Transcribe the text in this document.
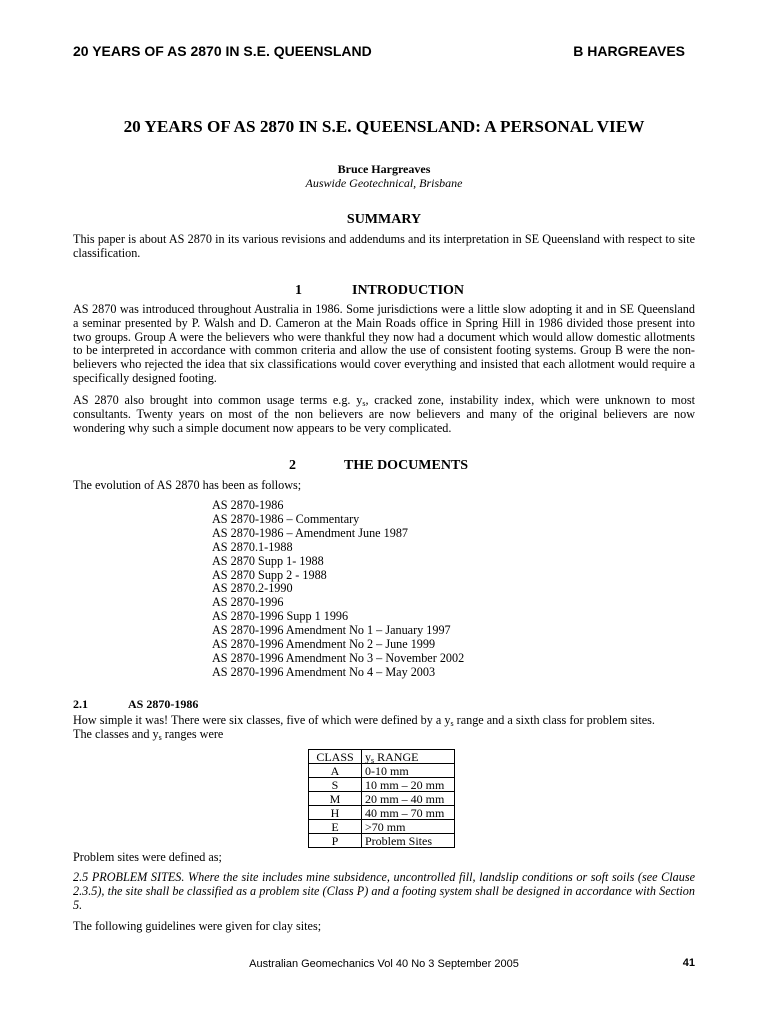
20 YEARS OF AS 2870 IN S.E. QUEENSLAND	B HARGREAVES
20 YEARS OF AS 2870 IN S.E. QUEENSLAND: A PERSONAL VIEW
Bruce Hargreaves
Auswide Geotechnical, Brisbane
SUMMARY
This paper is about AS 2870 in its various revisions and addendums and its interpretation in SE Queensland with respect to site classification.
1	INTRODUCTION
AS 2870 was introduced throughout Australia in 1986. Some jurisdictions were a little slow adopting it and in SE Queensland a seminar presented by P. Walsh and D. Cameron at the Main Roads office in Spring Hill in 1986 divided those present into two groups. Group A were the believers who were thankful they now had a document which would allow domestic allotments to be interpreted in accordance with common criteria and allow the use of consistent footing systems. Group B were the non-believers who rejected the idea that six classifications would cover everything and insisted that each allotment would require a specifically designed footing.
AS 2870 also brought into common usage terms e.g. $y_s$, cracked zone, instability index, which were unknown to most consultants. Twenty years on most of the non believers are now believers and many of the original believers are now wondering why such a simple document now appears to be very complicated.
2	THE DOCUMENTS
The evolution of AS 2870 has been as follows;
AS 2870-1986
AS 2870-1986 – Commentary
AS 2870-1986 – Amendment June 1987
AS 2870.1-1988
AS 2870 Supp 1- 1988
AS 2870 Supp 2 - 1988
AS 2870.2-1990
AS 2870-1996
AS 2870-1996 Supp 1 1996
AS 2870-1996 Amendment No 1 – January 1997
AS 2870-1996 Amendment No 2 – June 1999
AS 2870-1996 Amendment No 3 – November 2002
AS 2870-1996 Amendment No 4 – May 2003
2.1	AS 2870-1986
How simple it was! There were six classes, five of which were defined by a $y_s$ range and a sixth class for problem sites.
The classes and $y_s$ ranges were
CLASS	$y_s$ RANGE
A	0-10 mm
S	10 mm – 20 mm
M	20 mm – 40 mm
H	40 mm – 70 mm
E	>70 mm
P	Problem Sites
Problem sites were defined as;
2.5 PROBLEM SITES. Where the site includes mine subsidence, uncontrolled fill, landslip conditions or soft soils (see Clause 2.3.5), the site shall be classified as a problem site (Class P) and a footing system shall be designed in accordance with Section 5.
The following guidelines were given for clay sites;
Australian Geomechanics Vol 40 No 3 September 2005	41
